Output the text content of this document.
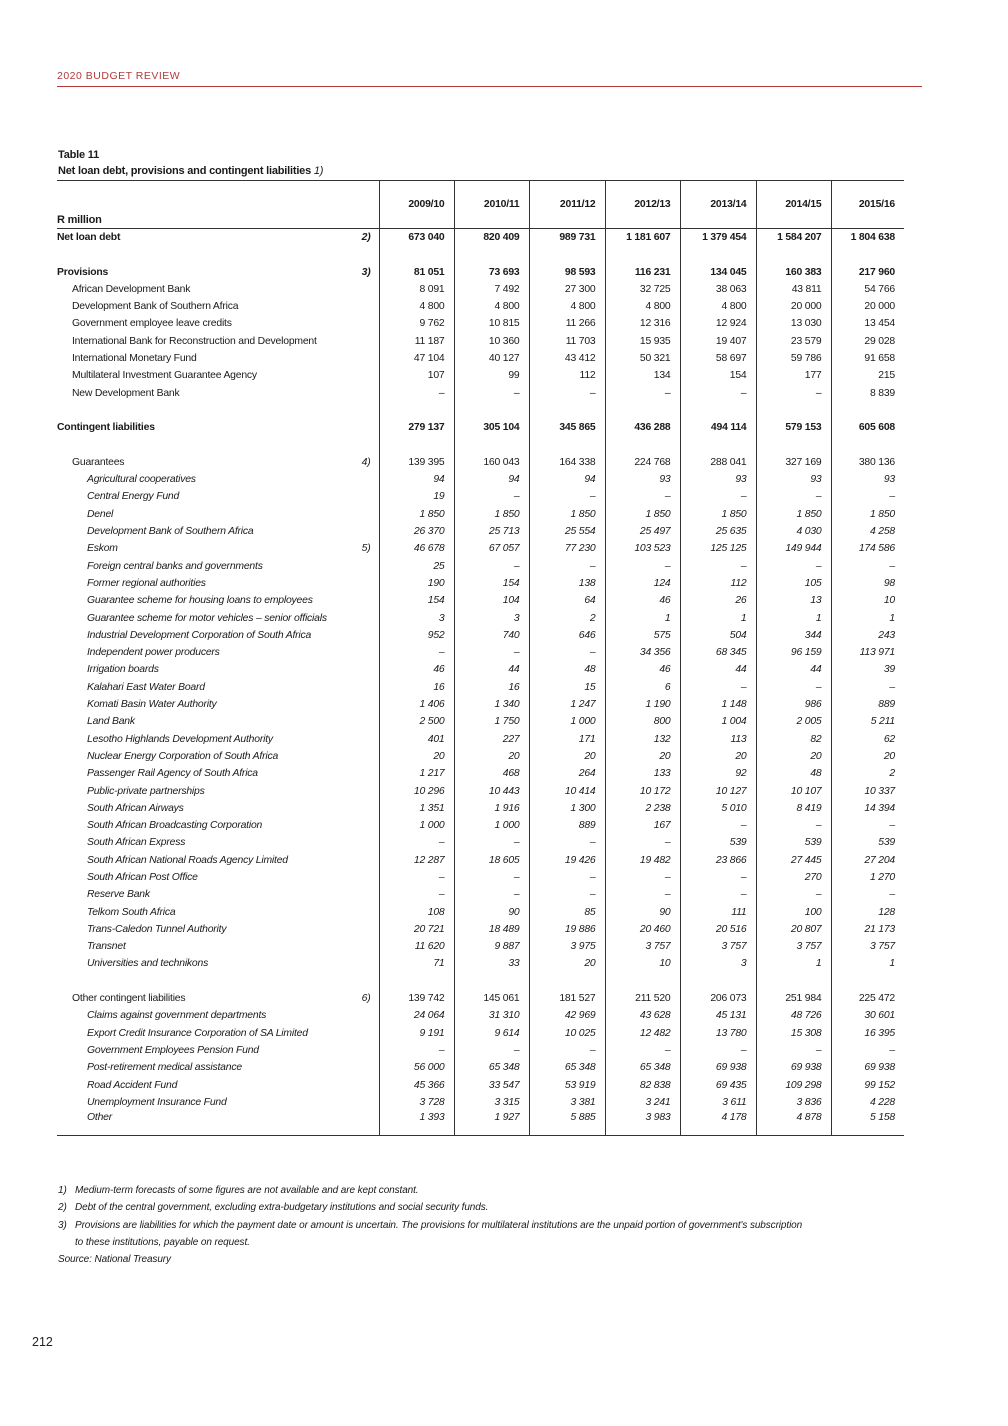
2020 BUDGET REVIEW
Table 11
Net loan debt, provisions and contingent liabilities 1)
R million		2009/10	2010/11	2011/12	2012/13	2013/14	2014/15	2015/16
Net loan debt	2)	673 040	820 409	989 731	1 181 607	1 379 454	1 584 207	1 804 638

Provisions	3)	81 051	73 693	98 593	116 231	134 045	160 383	217 960
African Development Bank		8 091	7 492	27 300	32 725	38 063	43 811	54 766
Development Bank of Southern Africa		4 800	4 800	4 800	4 800	4 800	20 000	20 000
Government employee leave credits		9 762	10 815	11 266	12 316	12 924	13 030	13 454
International Bank for Reconstruction and Development		11 187	10 360	11 703	15 935	19 407	23 579	29 028
International Monetary Fund		47 104	40 127	43 412	50 321	58 697	59 786	91 658
Multilateral Investment Guarantee Agency		107	99	112	134	154	177	215
New Development Bank		–	–	–	–	–	–	8 839

Contingent liabilities		279 137	305 104	345 865	436 288	494 114	579 153	605 608

Guarantees	4)	139 395	160 043	164 338	224 768	288 041	327 169	380 136
Agricultural cooperatives		94	94	94	93	93	93	93
Central Energy Fund		19	–	–	–	–	–	–
Denel		1 850	1 850	1 850	1 850	1 850	1 850	1 850
Development Bank of Southern Africa		26 370	25 713	25 554	25 497	25 635	4 030	4 258
Eskom	5)	46 678	67 057	77 230	103 523	125 125	149 944	174 586
Foreign central banks and governments		25	–	–	–	–	–	–
Former regional authorities		190	154	138	124	112	105	98
Guarantee scheme for housing loans to employees		154	104	64	46	26	13	10
Guarantee scheme for motor vehicles – senior officials		3	3	2	1	1	1	1
Industrial Development Corporation of South Africa		952	740	646	575	504	344	243
Independent power producers		–	–	–	34 356	68 345	96 159	113 971
Irrigation boards		46	44	48	46	44	44	39
Kalahari East Water Board		16	16	15	6	–	–	–
Komati Basin Water Authority		1 406	1 340	1 247	1 190	1 148	986	889
Land Bank		2 500	1 750	1 000	800	1 004	2 005	5 211
Lesotho Highlands Development Authority		401	227	171	132	113	82	62
Nuclear Energy Corporation of South Africa		20	20	20	20	20	20	20
Passenger Rail Agency of South Africa		1 217	468	264	133	92	48	2
Public-private partnerships		10 296	10 443	10 414	10 172	10 127	10 107	10 337
South African Airways		1 351	1 916	1 300	2 238	5 010	8 419	14 394
South African Broadcasting Corporation		1 000	1 000	889	167	–	–	–
South African Express		–	–	–	–	539	539	539
South African National Roads Agency Limited		12 287	18 605	19 426	19 482	23 866	27 445	27 204
South African Post Office		–	–	–	–	–	270	1 270
Reserve Bank		–	–	–	–	–	–	–
Telkom South Africa		108	90	85	90	111	100	128
Trans-Caledon Tunnel Authority		20 721	18 489	19 886	20 460	20 516	20 807	21 173
Transnet		11 620	9 887	3 975	3 757	3 757	3 757	3 757
Universities and technikons		71	33	20	10	3	1	1

Other contingent liabilities	6)	139 742	145 061	181 527	211 520	206 073	251 984	225 472
Claims against government departments		24 064	31 310	42 969	43 628	45 131	48 726	30 601
Export Credit Insurance Corporation of SA Limited		9 191	9 614	10 025	12 482	13 780	15 308	16 395
Government Employees Pension Fund		–	–	–	–	–	–	–
Post-retirement medical assistance		56 000	65 348	65 348	65 348	69 938	69 938	69 938
Road Accident Fund		45 366	33 547	53 919	82 838	69 435	109 298	99 152
Unemployment Insurance Fund		3 728	3 315	3 381	3 241	3 611	3 836	4 228
Other		1 393	1 927	5 885	3 983	4 178	4 878	5 158
1) Medium-term forecasts of some figures are not available and are kept constant.
2) Debt of the central government, excluding extra-budgetary institutions and social security funds.
3) Provisions are liabilities for which the payment date or amount is uncertain. The provisions for multilateral institutions are the unpaid portion of government's subscription
to these institutions, payable on request.
Source: National Treasury
212
